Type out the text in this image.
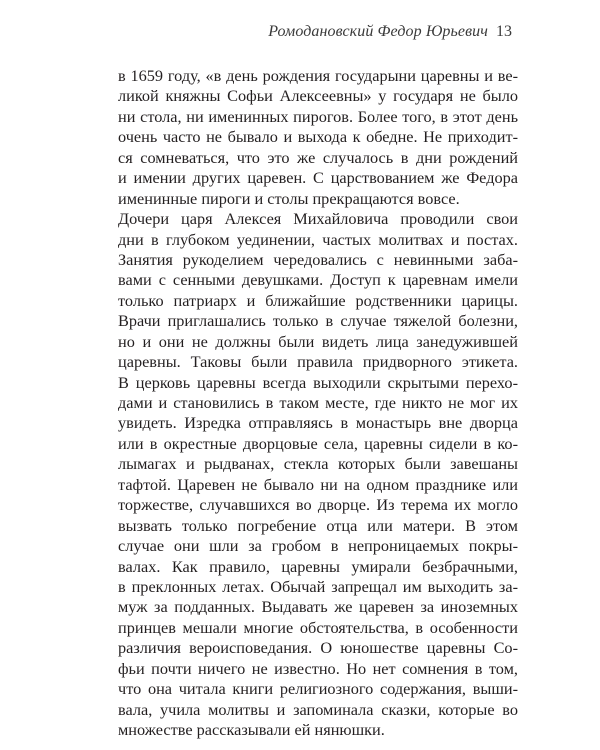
Ромодановский Федор Юрьевич 13
в 1659 году, «в день рождения государыни царевны и ве-
ликой княжны Софьи Алексеевны» у государя не было
ни стола, ни именинных пирогов. Более того, в этот день
очень часто не бывало и выхода к обедне. Не приходит-
ся сомневаться, что это же случалось в дни рождений
и имении других царевен. С царствованием же Федора
именинные пироги и столы прекращаются вовсе.
Дочери царя Алексея Михайловича проводили свои
дни в глубоком уединении, частых молитвах и постах.
Занятия рукоделием чередовались с невинными забa-
вами с сенными девушками. Доступ к царевнам имели
только патриарх и ближайшие родственники царицы.
Врачи приглашались только в случае тяжелой болезни,
но и они не должны были видеть лица занедужившей
царевны. Таковы были правила придворного этикета.
В церковь царевны всегда выходили скрытыми перехо-
дами и становились в таком месте, где никто не мог их
увидеть. Изредка отправляясь в монастырь вне дворца
или в окрестные дворцовые села, царевны сидели в ко-
лымагах и рыдванах, стекла которых были завешаны
тафтой. Царевен не бывало ни на одном празднике или
торжестве, случавшихся во дворце. Из терема их могло
вызвать только погребение отца или матери. В этом
случае они шли за гробом в непроницаемых покры-
валах. Как правило, царевны умирали безбрачными,
в преклонных летах. Обычай запрещал им выходить за-
муж за подданных. Выдавать же царевен за иноземных
принцев мешали многие обстоятельства, в особенности
различия вероисповедания. О юношестве царевны Со-
фьи почти ничего не известно. Но нет сомнения в том,
что она читала книги религиозного содержания, выши-
вала, учила молитвы и запоминала сказки, которые во
множестве рассказывали ей нянюшки.
